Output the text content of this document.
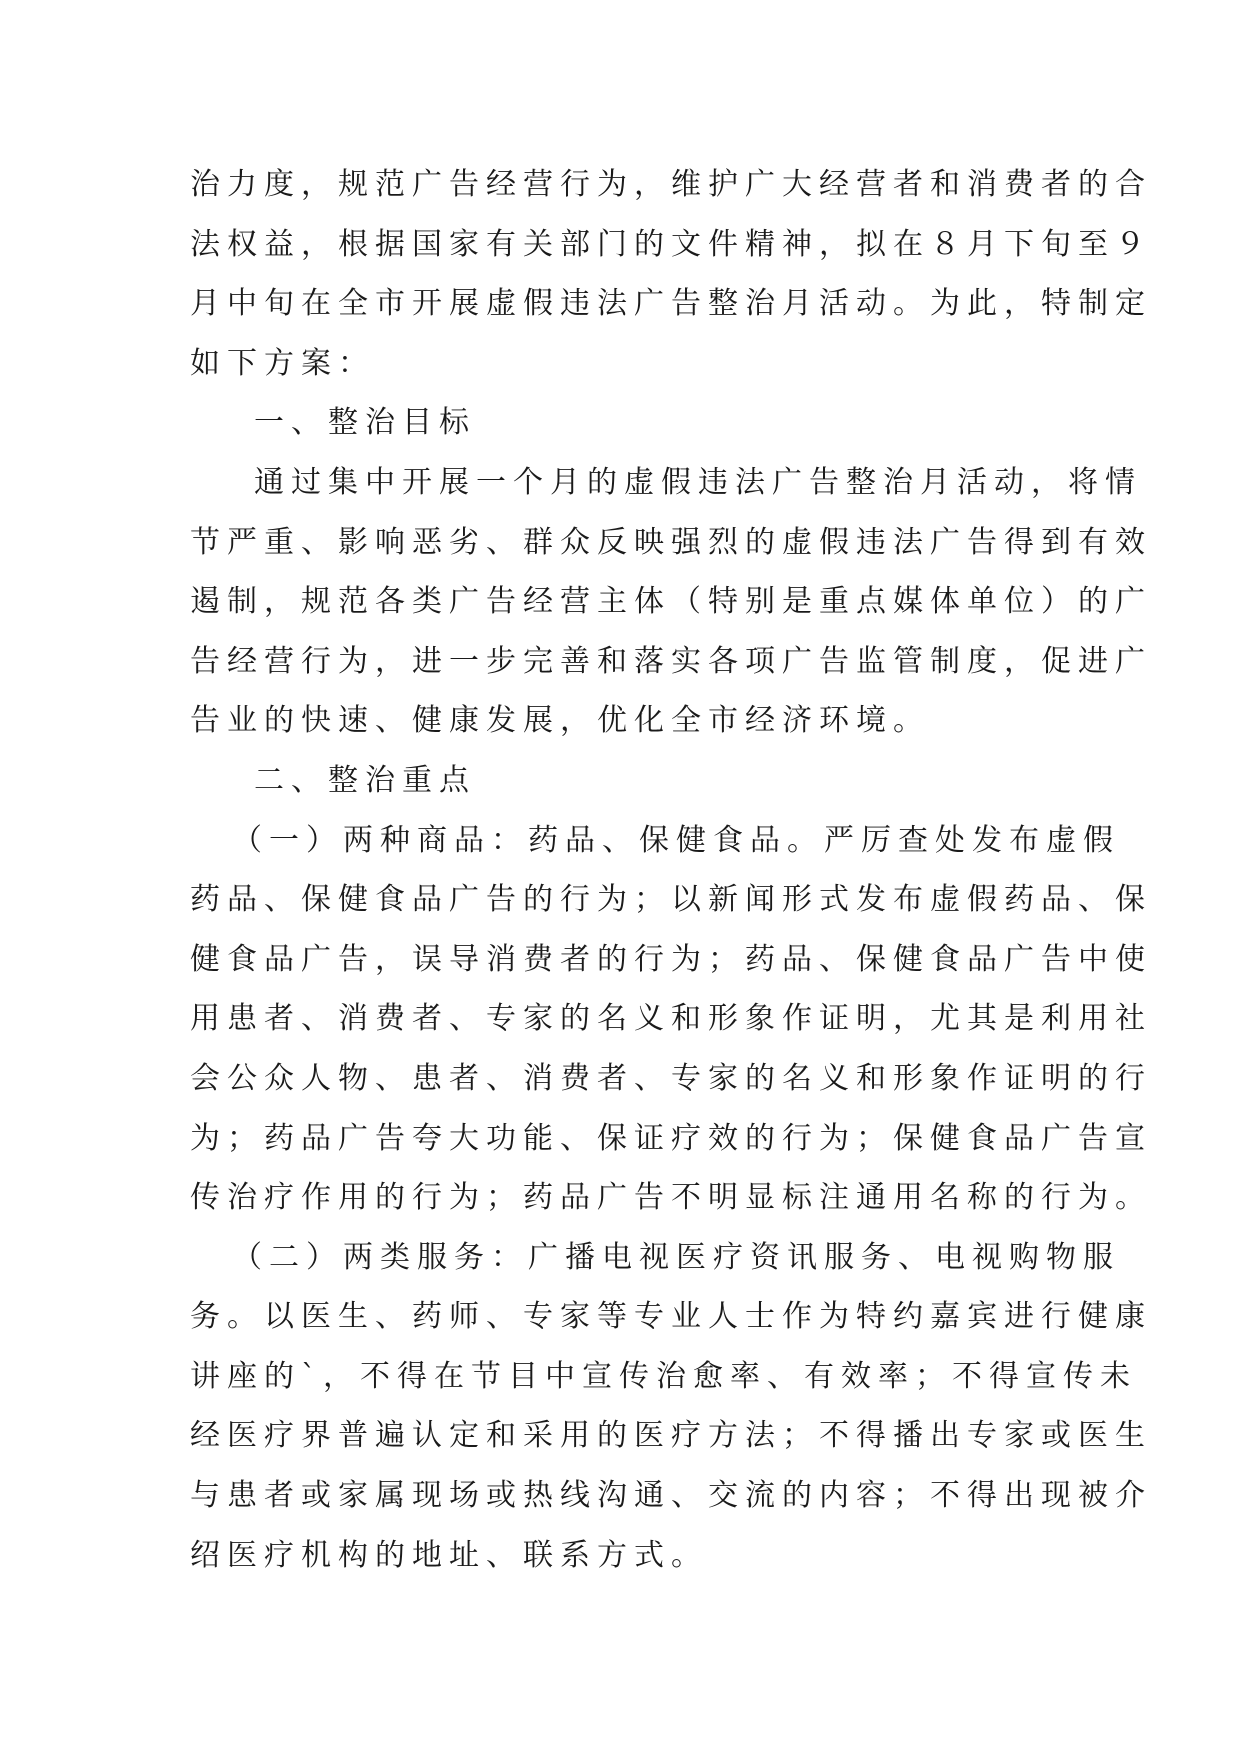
治力度，规范广告经营行为，维护广大经营者和消费者的合
法权益，根据国家有关部门的文件精神，拟在８月下旬至９
月中旬在全市开展虚假违法广告整治月活动。为此，特制定
如下方案：
一、整治目标
通过集中开展一个月的虚假违法广告整治月活动，将情
节严重、影响恶劣、群众反映强烈的虚假违法广告得到有效
遏制，规范各类广告经营主体（特别是重点媒体单位）的广
告经营行为，进一步完善和落实各项广告监管制度，促进广
告业的快速、健康发展，优化全市经济环境。
二、整治重点
（一）两种商品：药品、保健食品。严厉查处发布虚假
药品、保健食品广告的行为；以新闻形式发布虚假药品、保
健食品广告，误导消费者的行为；药品、保健食品广告中使
用患者、消费者、专家的名义和形象作证明，尤其是利用社
会公众人物、患者、消费者、专家的名义和形象作证明的行
为；药品广告夸大功能、保证疗效的行为；保健食品广告宣
传治疗作用的行为；药品广告不明显标注通用名称的行为。
（二）两类服务：广播电视医疗资讯服务、电视购物服
务。以医生、药师、专家等专业人士作为特约嘉宾进行健康
讲座的`，不得在节目中宣传治愈率、有效率；不得宣传未
经医疗界普遍认定和采用的医疗方法；不得播出专家或医生
与患者或家属现场或热线沟通、交流的内容；不得出现被介
绍医疗机构的地址、联系方式。
